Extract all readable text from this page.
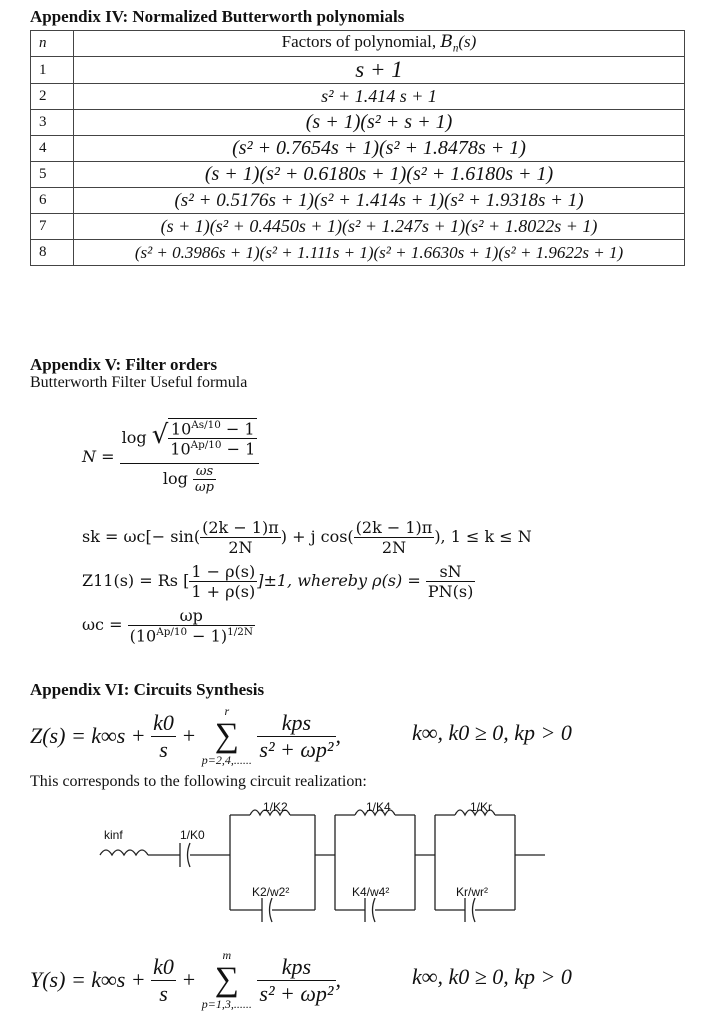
Appendix IV: Normalized Butterworth polynomials
n	Factors of polynomial, $B_n(s)$
1	s + 1
2	s² + 1.414 s + 1
3	(s + 1)(s² + s + 1)
4	(s² + 0.7654s + 1)(s² + 1.8478s + 1)
5	(s + 1)(s² + 0.6180s + 1)(s² + 1.6180s + 1)
6	(s² + 0.5176s + 1)(s² + 1.414s + 1)(s² + 1.9318s + 1)
7	(s + 1)(s² + 0.4450s + 1)(s² + 1.247s + 1)(s² + 1.8022s + 1)
8	(s² + 0.3986s + 1)(s² + 1.111s + 1)(s² + 1.6630s + 1)(s² + 1.9622s + 1)
Appendix V: Filter orders
Butterworth Filter Useful formula
$N = \frac{\log √ \frac{10^{As/10} - 1}{10^{Ap/10} - 1}}{\log \frac{\omega s}{\omega p}}$
sk = $\omega c[- \sin( \frac{(2k - 1)\pi}{2N}$ ) + j $\cos( \frac{(2k - 1)\pi}{2N}$ ), 1 ≤ k ≤ N
Z11(s) = Rs [ $\frac{1 - \rho(s)}{1 + \rho(s)} ]\pm 1$, whereby $\rho(s) = \frac{sN}{PN(s)}$
$\omega c = \frac{\omega p}{(10^{Ap/10} - 1)^{1/2N}}$
Appendix VI: Circuits Synthesis
$Z(s) = k\infty s + \frac{k0}{s}$ +
r
∑
p=2,4,......
$\frac{\text{kps}}{\text{s² + ωp²}}$ ,	k∞, k0 ≥ 0, kp > 0
This corresponds to the following circuit realization:
kinf	1/K0
1/K2	1/K4	1/Kr
K2/w2²	K4/w4²	Kr/wr²
$Y(s) = k\infty s + \frac{k0}{s}$ +
m
∑
p=1,3,......
$\frac{\text{kps}}{\text{s² + ωp²}}$ ,	k∞, k0 ≥ 0, kp > 0
